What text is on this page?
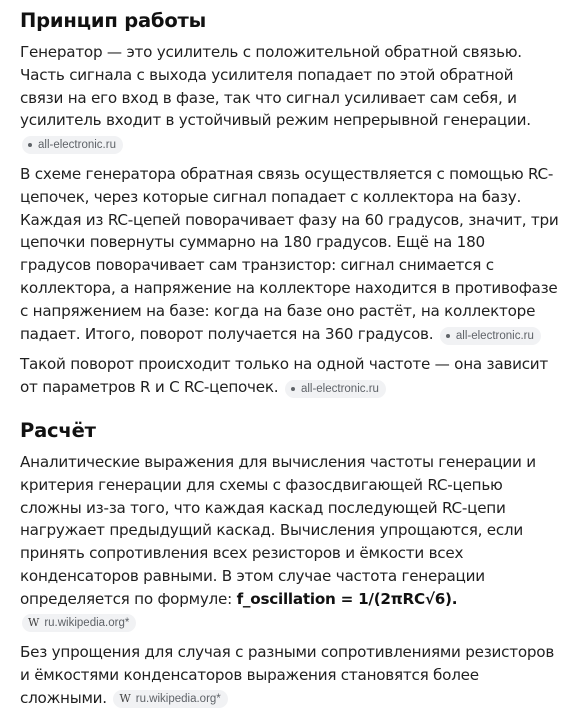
Принцип работы

Генератор — это усилитель с положительной обратной связью. Часть сигнала с выхода усилителя попадает по этой обратной связи на его вход в фазе, так что сигнал усиливает сам себя, и усилитель входит в устойчивый режим непрерывной генерации.
all-electronic.ru

В схеме генератора обратная связь осуществляется с помощью RC-цепочек, через которые сигнал попадает с коллектора на базу. Каждая из RC-цепей поворачивает фазу на 60 градусов, значит, три цепочки повернуты суммарно на 180 градусов. Ещё на 180 градусов поворачивает сам транзистор: сигнал снимается с коллектора, а напряжение на коллекторе находится в противофазе с напряжением на базе: когда на базе оно растёт, на коллекторе падает. Итого, поворот получается на 360 градусов. all-electronic.ru

Такой поворот происходит только на одной частоте — она зависит от параметров R и C RC-цепочек. all-electronic.ru

Расчёт

Аналитические выражения для вычисления частоты генерации и критерия генерации для схемы с фазосдвигающей RC-цепью сложны из-за того, что каждая каскад последующей RC-цепи нагружает предыдущий каскад. Вычисления упрощаются, если принять сопротивления всех резисторов и ёмкости всех конденсаторов равными. В этом случае частота генерации определяется по формуле: f_oscillation = 1/(2πRC√6).
W ru.wikipedia.org*

Без упрощения для случая с разными сопротивлениями резисторов и ёмкостями конденсаторов выражения становятся более сложными. W ru.wikipedia.org*
